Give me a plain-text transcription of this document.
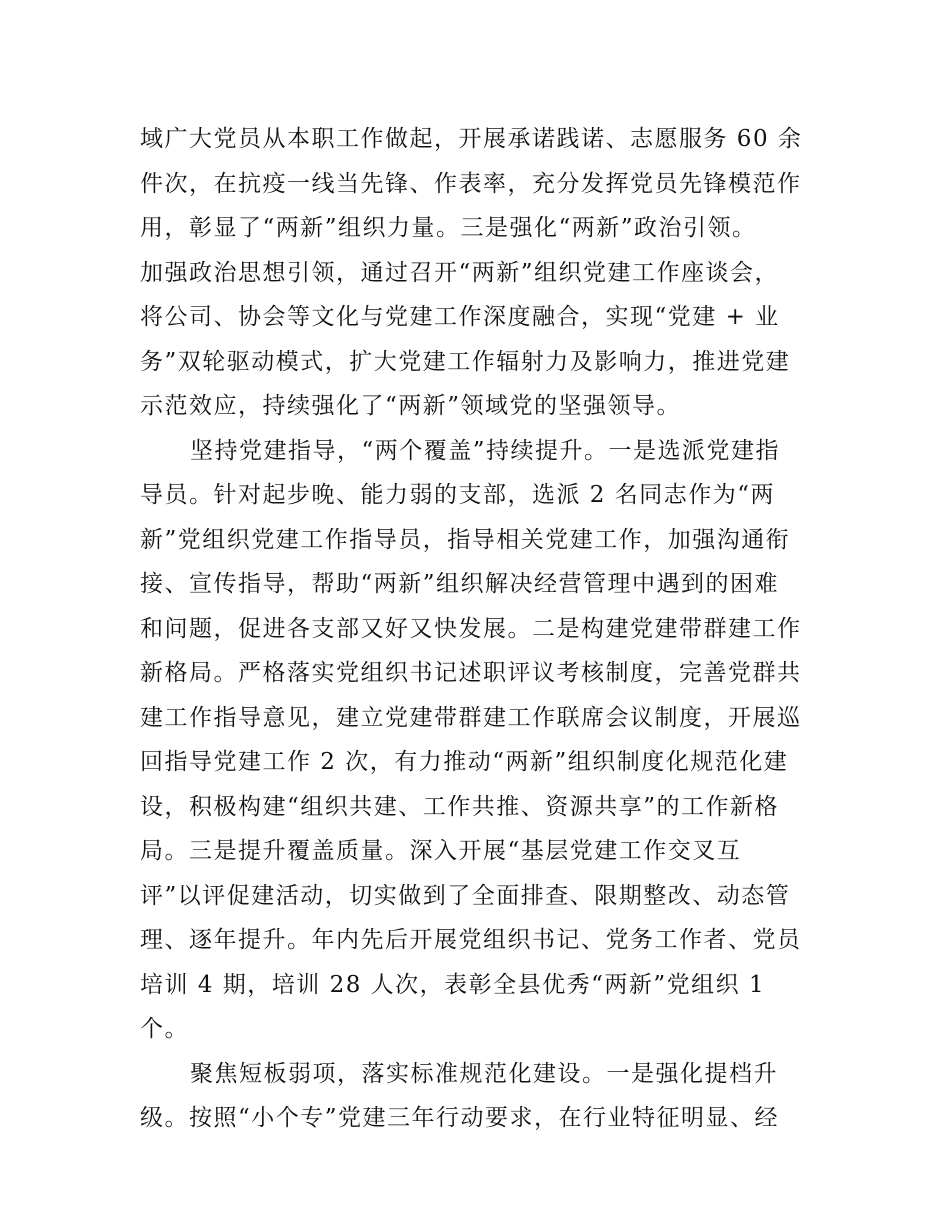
域广大党员从本职工作做起，开展承诺践诺、志愿服务 60 余
件次，在抗疫一线当先锋、作表率，充分发挥党员先锋模范作
用，彰显了“两新”组织力量。三是强化“两新”政治引领。
加强政治思想引领，通过召开“两新”组织党建工作座谈会，
将公司、协会等文化与党建工作深度融合，实现“党建 + 业
务”双轮驱动模式，扩大党建工作辐射力及影响力，推进党建
示范效应，持续强化了“两新”领域党的坚强领导。
坚持党建指导，“两个覆盖”持续提升。一是选派党建指
导员。针对起步晚、能力弱的支部，选派 2 名同志作为“两
新”党组织党建工作指导员，指导相关党建工作，加强沟通衔
接、宣传指导，帮助“两新”组织解决经营管理中遇到的困难
和问题，促进各支部又好又快发展。二是构建党建带群建工作
新格局。严格落实党组织书记述职评议考核制度，完善党群共
建工作指导意见，建立党建带群建工作联席会议制度，开展巡
回指导党建工作 2 次，有力推动“两新”组织制度化规范化建
设，积极构建“组织共建、工作共推、资源共享”的工作新格
局。三是提升覆盖质量。深入开展“基层党建工作交叉互
评”以评促建活动，切实做到了全面排查、限期整改、动态管
理、逐年提升。年内先后开展党组织书记、党务工作者、党员
培训 4 期，培训 28 人次，表彰全县优秀“两新”党组织 1
个。
聚焦短板弱项，落实标准规范化建设。一是强化提档升
级。按照“小个专”党建三年行动要求，在行业特征明显、经
